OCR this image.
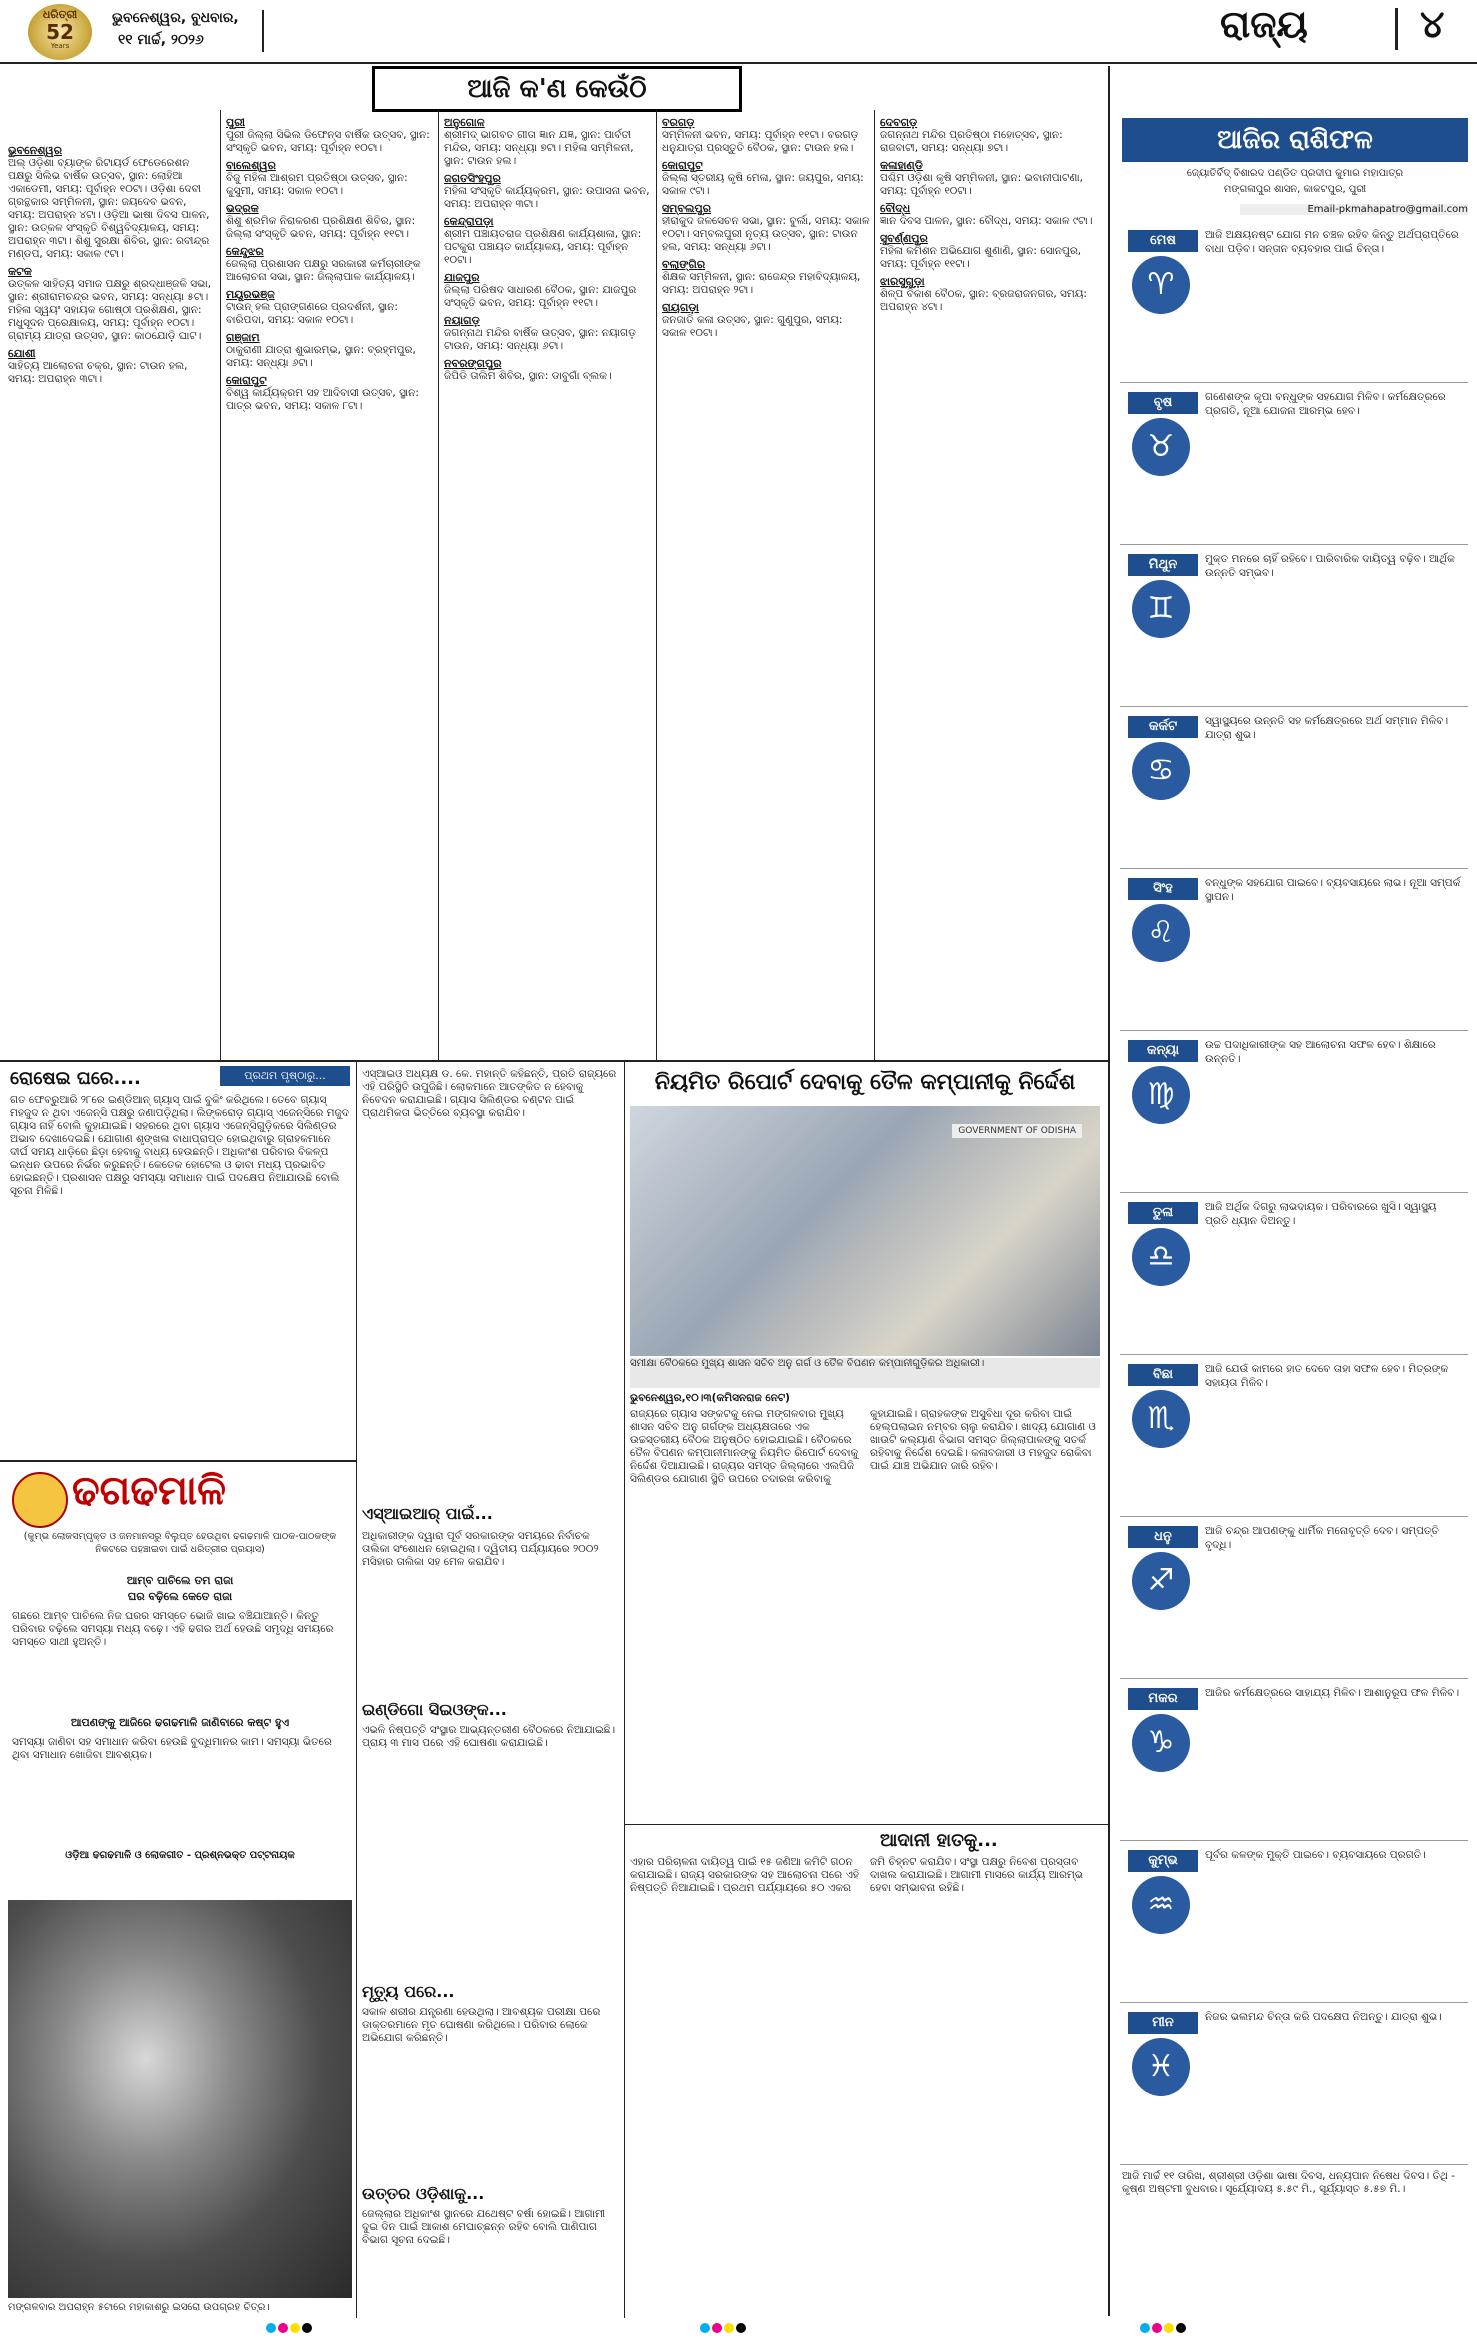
ଧରିତ୍ରୀ
52
Years
ଭୁବନେଶ୍ୱର, ବୁଧବାର,
୧୧ ମାର୍ଚ୍ଚ, ୨୦୨୬	ରାଜ୍ୟ	୪
ଆଜି କ'ଣ କେଉଁଠି
ଭୁବନେଶ୍ୱର
ଅଲ୍ ଓଡ଼ିଶା ବ୍ୟାଙ୍କ ରିଟାୟର୍ଡ ଫେଡେରେଶନ ପକ୍ଷରୁ ସିଲିଭ ବାର୍ଷିକ ଉତ୍ସବ, ସ୍ଥାନ: ଲୋହିଆ ଏକାଡେମୀ, ସମୟ: ପୂର୍ବାହ୍ନ ୧୦ଟା। ଓଡ଼ିଶା ଦେବୀ ଗ୍ରନ୍ଥକାର ସମ୍ମିଳନୀ, ସ୍ଥାନ: ଜୟଦେବ ଭବନ, ସମୟ: ଅପରାହ୍ନ ୪ଟା। ଓଡ଼ିଆ ଭାଷା ଦିବସ ପାଳନ, ସ୍ଥାନ: ଉତ୍କଳ ସଂସ୍କୃତି ବିଶ୍ୱବିଦ୍ୟାଳୟ, ସମୟ: ଅପରାହ୍ନ ୩ଟା। ଶିଶୁ ସୁରକ୍ଷା ଶିବିର, ସ୍ଥାନ: ରବୀନ୍ଦ୍ର ମଣ୍ଡପ, ସମୟ: ସକାଳ ୯ଟା।
କଟକ
ଉତ୍କଳ ସାହିତ୍ୟ ସମାଜ ପକ୍ଷରୁ ଶ୍ରଦ୍ଧାଞ୍ଜଳି ସଭା, ସ୍ଥାନ: ଶ୍ରୀରାମଚନ୍ଦ୍ର ଭବନ, ସମୟ: ସନ୍ଧ୍ୟା ୫ଟା। ମହିଳା ସ୍ୱୟଂ ସହାୟକ ଗୋଷ୍ଠୀ ପ୍ରଶିକ୍ଷଣ, ସ୍ଥାନ: ମଧୁସୂଦନ ପ୍ରେକ୍ଷାଳୟ, ସମୟ: ପୂର୍ବାହ୍ନ ୧୦ଟା। ଗ୍ରାମ୍ୟ ଯାତ୍ରା ଉତ୍ସବ, ସ୍ଥାନ: କାଠଯୋଡ଼ି ଘାଟ।
ଯୋଶୀ
ସାହିତ୍ୟ ଆଲୋଚନା ଚକ୍ର, ସ୍ଥାନ: ଟାଉନ ହଲ, ସମୟ: ଅପରାହ୍ନ ୩ଟା।
ପୁରୀ
ପୁରୀ ଜିଲ୍ଲା ସିଭିଲ ଡିଫେନ୍ସ ବାର୍ଷିକ ଉତ୍ସବ, ସ୍ଥାନ: ସଂସ୍କୃତି ଭବନ, ସମୟ: ପୂର୍ବାହ୍ନ ୧୦ଟା।
ବାଲେଶ୍ୱର
ବିଜୁ ମହିଳା ଆଶ୍ରମ ପ୍ରତିଷ୍ଠା ଉତ୍ସବ, ସ୍ଥାନ: କୁସୁମୀ, ସମୟ: ସକାଳ ୧୦ଟା।
ଭଦ୍ରକ
ଶିଶୁ ଶ୍ରମିକ ନିରାକରଣ ପ୍ରଶିକ୍ଷଣ ଶିବିର, ସ୍ଥାନ: ଜିଲ୍ଲା ସଂସ୍କୃତି ଭବନ, ସମୟ: ପୂର୍ବାହ୍ନ ୧୧ଟା।
କେନ୍ଦୁଝର
ଜେଲ୍ଲା ପ୍ରଶାସନ ପକ୍ଷରୁ ସରକାରୀ କର୍ମଚାରୀଙ୍କ ଆଲୋଚନା ସଭା, ସ୍ଥାନ: ଜିଲ୍ଲାପାଳ କାର୍ଯ୍ୟାଳୟ।
ମୟୂରଭଞ୍ଜ
ଟାଉନ୍ ହଲ ପ୍ରାଙ୍ଗଣରେ ପ୍ରଦର୍ଶନୀ, ସ୍ଥାନ: ବାରିପଦା, ସମୟ: ସକାଳ ୧୦ଟା।
ଗଞ୍ଜାମ
ଠାକୁରାଣୀ ଯାତ୍ରା ଶୁଭାରମ୍ଭ, ସ୍ଥାନ: ବ୍ରହ୍ମପୁର, ସମୟ: ସନ୍ଧ୍ୟା ୬ଟା।
କୋରାପୁଟ
ବିଶ୍ୱ କାର୍ଯ୍ୟକ୍ରମ ସହ ଆଦିବାସୀ ଉତ୍ସବ, ସ୍ଥାନ: ପାତ୍ର ଭବନ, ସମୟ: ସକାଳ ୮ଟା।
ଅନୁଗୋଳ
ଶ୍ରୀମଦ୍ ଭାଗବତ ଗୀତା ଜ୍ଞାନ ଯଜ୍ଞ, ସ୍ଥାନ: ପାର୍ବତୀ ମନ୍ଦିର, ସମୟ: ସନ୍ଧ୍ୟା ୭ଟା। ମହିଳା ସମ୍ମିଳନୀ, ସ୍ଥାନ: ଟାଉନ ହଲ।
ଜଗତସିଂହପୁର
ମହିଳା ସଂସ୍କୃତି କାର୍ଯ୍ୟକ୍ରମ, ସ୍ଥାନ: ଉପାସନା ଭବନ, ସମୟ: ଅପରାହ୍ନ ୩ଟା।
କେନ୍ଦ୍ରାପଡ଼ା
ଶ୍ରୀମ ପଞ୍ଚାୟତରାଜ ପ୍ରଶିକ୍ଷଣ କାର୍ଯ୍ୟଶାଳା, ସ୍ଥାନ: ପଟକୁରା ପଞ୍ଚାୟତ କାର୍ଯ୍ୟାଳୟ, ସମୟ: ପୂର୍ବାହ୍ନ ୧୦ଟା।
ଯାଜପୁର
ଜିଲ୍ଲା ପରିଷଦ ସାଧାରଣ ବୈଠକ, ସ୍ଥାନ: ଯାଜପୁର ସଂସ୍କୃତି ଭବନ, ସମୟ: ପୂର୍ବାହ୍ନ ୧୧ଟା।
ନୟାଗଡ଼
ଜଗନ୍ନାଥ ମନ୍ଦିର ବାର୍ଷିକ ଉତ୍ସବ, ସ୍ଥାନ: ନୟାଗଡ଼ ଟାଉନ, ସମୟ: ସନ୍ଧ୍ୟା ୬ଟା।
ନବରଙ୍ଗପୁର
ଜିପିଡି ତାଲିମ ଶିବିର, ସ୍ଥାନ: ଡାବୁଗାଁ ବ୍ଲକ।
ବରଗଡ଼
ସମ୍ମିଳନୀ ଭବନ, ସମୟ: ପୂର୍ବାହ୍ନ ୧୧ଟା। ବରଗଡ଼ ଧନୁଯାତ୍ରା ପ୍ରସ୍ତୁତି ବୈଠକ, ସ୍ଥାନ: ଟାଉନ ହଲ।
କୋରାପୁଟ
ଜିଲ୍ଲା ସ୍ତରୀୟ କୃଷି ମେଳା, ସ୍ଥାନ: ଜୟପୁର, ସମୟ: ସକାଳ ୯ଟା।
ସମ୍ବଲପୁର
ହୀରାକୁଦ ଜଳସେଚନ ସଭା, ସ୍ଥାନ: ବୁର୍ଲା, ସମୟ: ସକାଳ ୧୦ଟା। ସମ୍ବଲପୁରୀ ନୃତ୍ୟ ଉତ୍ସବ, ସ୍ଥାନ: ଟାଉନ ହଲ, ସମୟ: ସନ୍ଧ୍ୟା ୬ଟା।
ବଲାଙ୍ଗିର
ଶିକ୍ଷକ ସମ୍ମିଳନୀ, ସ୍ଥାନ: ରାଜେନ୍ଦ୍ର ମହାବିଦ୍ୟାଳୟ, ସମୟ: ଅପରାହ୍ନ ୨ଟା।
ରାୟଗଡ଼ା
ଜନଜାତି କଳା ଉତ୍ସବ, ସ୍ଥାନ: ଗୁଣୁପୁର, ସମୟ: ସକାଳ ୧୦ଟା।
ଦେବଗଡ଼
ଜଗନ୍ନାଥ ମନ୍ଦିର ପ୍ରତିଷ୍ଠା ମହୋତ୍ସବ, ସ୍ଥାନ: ରାଜବାଟୀ, ସମୟ: ସନ୍ଧ୍ୟା ୭ଟା।
କଳାହାଣ୍ଡି
ପଶ୍ଚିମ ଓଡ଼ିଶା କୃଷି ସମ୍ମିଳନୀ, ସ୍ଥାନ: ଭବାନୀପାଟଣା, ସମୟ: ପୂର୍ବାହ୍ନ ୧୦ଟା।
ବୌଦ୍ଧ
ଜ୍ଞାନ ଦିବସ ପାଳନ, ସ୍ଥାନ: ବୌଦ୍ଧ, ସମୟ: ସକାଳ ୯ଟା।
ସୁବର୍ଣ୍ଣପୁର
ମହିଳା କମିଶନ ଅଭିଯୋଗ ଶୁଣାଣି, ସ୍ଥାନ: ସୋନପୁର, ସମୟ: ପୂର୍ବାହ୍ନ ୧୧ଟା।
ଝାରସୁଗୁଡ଼ା
ଶିଳ୍ପ ବିକାଶ ବୈଠକ, ସ୍ଥାନ: ବ୍ରଜରାଜନଗର, ସମୟ: ଅପରାହ୍ନ ୪ଟା।
ଆଜିର ରାଶିଫଳ
ଜ୍ୟୋତିର୍ବିଦ୍ ବିଶାରଦ ପଣ୍ଡିତ ପ୍ରଦୀପ କୁମାର ମହାପାତ୍ର
ମଙ୍ଗଳାପୁର ଶାସନ, କାକଟପୁର, ପୁରୀ
Email-pkmahapatro@gmail.com
ମେଷ
♈
ଆଜି ଅକ୍ଷୟନଷ୍ଟ ଯୋଗ ମନ ଚଞ୍ଚଳ ରହିବ କିନ୍ତୁ ଅର୍ଥପ୍ରାପ୍ତିରେ ବାଧା ପଡ଼ିବ। ସନ୍ତାନ ବ୍ୟବହାର ପାଇଁ ଚିନ୍ତା।
ବୃଷ
♉
ଗଣେଶଙ୍କ କୃପା ବନ୍ଧୁଙ୍କ ସହଯୋଗ ମିଳିବ। କର୍ମକ୍ଷେତ୍ରରେ ପ୍ରଗତି, ନୂଆ ଯୋଜନା ଆରମ୍ଭ ହେବ।
ମିଥୁନ
♊
ମୁକ୍ତ ମନରେ ଚାହିଁ ରହିବେ। ପାରିବାରିକ ଦାୟିତ୍ୱ ବଢ଼ିବ। ଆର୍ଥିକ ଉନ୍ନତି ସମ୍ଭବ।
କର୍କଟ
♋
ସ୍ୱାସ୍ଥ୍ୟରେ ଉନ୍ନତି ସହ କର୍ମକ୍ଷେତ୍ରରେ ଅର୍ଥ ସମ୍ମାନ ମିଳିବ। ଯାତ୍ରା ଶୁଭ।
ସିଂହ
♌
ବନ୍ଧୁଙ୍କ ସହଯୋଗ ପାଇବେ। ବ୍ୟବସାୟରେ ଲାଭ। ନୂଆ ସମ୍ପର୍କ ସ୍ଥାପନ।
କନ୍ୟା
♍
ଉଚ୍ଚ ପଦାଧିକାରୀଙ୍କ ସହ ଆଲୋଚନା ସଫଳ ହେବ। ଶିକ୍ଷାରେ ଉନ୍ନତି।
ତୁଳା
♎
ଆଜି ଅର୍ଥିକ ଦିଗରୁ ଲାଭଦାୟକ। ପରିବାରରେ ଖୁସି। ସ୍ୱାସ୍ଥ୍ୟ ପ୍ରତି ଧ୍ୟାନ ଦିଅନ୍ତୁ।
ବିଛା
♏
ଆଜି ଯେଉଁ କାମରେ ହାତ ଦେବେ ତାହା ସଫଳ ହେବ। ମିତ୍ରଙ୍କ ସହାୟତା ମିଳିବ।
ଧନୁ
♐
ଆଜି ଚନ୍ଦ୍ର ଆପଣଙ୍କୁ ଧାର୍ମିକ ମନୋବୃତ୍ତି ଦେବ। ସମ୍ପତ୍ତି ବୃଦ୍ଧି।
ମକର
♑
ଆଜିର କର୍ମକ୍ଷେତ୍ରରେ ସାହାଯ୍ୟ ମିଳିବ। ଆଶାନୁରୂପ ଫଳ ମିଳିବ।
କୁମ୍ଭ
♒
ପୂର୍ବର କଳଙ୍କ ମୁକ୍ତି ପାଇବେ। ବ୍ୟବସାୟରେ ପ୍ରଗତି।
ମୀନ
♓
ନିଜର ଭଲମନ୍ଦ ଚିନ୍ତା କରି ପଦକ୍ଷେପ ନିଅନ୍ତୁ। ଯାତ୍ରା ଶୁଭ।
ଆଜି ମାର୍ଚ୍ଚ ୧୧ ତାରିଖ, ଶ୍ରୀଶ୍ରୀ ଓଡ଼ିଶା ଭାଷା ଦିବସ, ଧନ୍ୟପାନ ନିଷେଧ ଦିବସ। ତିଥି - କୃଷ୍ଣ ଅଷ୍ଟମୀ ବୁଧବାର। ସୂର୍ଯ୍ୟୋଦୟ ୫.୫୯ ମି., ସୂର୍ଯ୍ୟାସ୍ତ ୫.୫୭ ମି.।
ରୋଷେଇ ଘରେ....	ପ୍ରଥମ ପୃଷ୍ଠାରୁ...
ଗତ ଫେବ୍ରୁଆରି ୨୮ରେ ଇଣ୍ଡିଆନ୍ ଗ୍ୟାସ୍ ପାଇଁ ବୁକିଂ କରିଥିଲେ। ତେବେ ଗ୍ୟାସ୍ ମହଜୁଦ ନ ଥିବା ଏଜେନ୍ସି ପକ୍ଷରୁ ଜଣାପଡ଼ିଥିଲା। ଲିଙ୍କରୋଡ଼ ଗ୍ୟାସ୍ ଏଜେନ୍ସିରେ ମଜୁଦ ଗ୍ୟାସ ନାହିଁ ବୋଲି କୁହାଯାଇଛି। ସହରରେ ଥିବା ଗ୍ୟାସ ଏଜେନ୍ସିଗୁଡ଼ିକରେ ସିଲିଣ୍ଡର ଅଭାବ ଦେଖାଦେଇଛି। ଯୋଗାଣ ଶୃଙ୍ଖଳା ବାଧାପ୍ରାପ୍ତ ହୋଇଥିବାରୁ ଗ୍ରାହକମାନେ ଦୀର୍ଘ ସମୟ ଧାଡ଼ିରେ ଛିଡ଼ା ହେବାକୁ ବାଧ୍ୟ ହେଉଛନ୍ତି। ଅଧିକାଂଶ ପରିବାର ବିକଳ୍ପ ଇନ୍ଧନ ଉପରେ ନିର୍ଭର କରୁଛନ୍ତି। କେତେକ ହୋଟେଲ ଓ ଢାବା ମଧ୍ୟ ପ୍ରଭାବିତ ହୋଇଛନ୍ତି। ପ୍ରଶାସନ ପକ୍ଷରୁ ସମସ୍ୟା ସମାଧାନ ପାଇଁ ପଦକ୍ଷେପ ନିଆଯାଉଛି ବୋଲି ସୂଚନା ମିଳିଛି।
ଢଗଢମାଳି
(କୁମ୍ଭ ଲୋକସମ୍ପୃକ୍ତ ଓ ଜନମାନସରୁ ବିଲୁପ୍ତ ହେଉଥିବା ଢଗଢମାଳି ପାଠକ-ପାଠକଙ୍କ ନିକଟରେ ପହଞ୍ଚାଇବା ପାଇଁ ଧରିତ୍ରୀର ପ୍ରୟାସ)
ଆମ୍ବ ପାଚିଲେ ତମ ରାଜା
ଘର ବଢ଼ିଲେ କେତେ ରାଜା
ଗଛରେ ଆମ୍ବ ପାଚିଲେ ନିଜ ଘରର ସମସ୍ତେ ଭୋଜି ଖାଇ ବଞ୍ଚିଯାଆନ୍ତି। କିନ୍ତୁ ପରିବାର ବଢ଼ିଲେ ସମସ୍ୟା ମଧ୍ୟ ବଢ଼େ। ଏହି ଢଗର ଅର୍ଥ ହେଉଛି ସମୃଦ୍ଧି ସମୟରେ ସମସ୍ତେ ସାଥୀ ହୁଅନ୍ତି।
ଆପଣଙ୍କୁ ଆଜିରେ ଢଗଢମାଳି ଜାଣିବାରେ କଷ୍ଟ ହୁଏ
ସମସ୍ୟା ଜାଣିବା ସହ ସମାଧାନ କରିବା ହେଉଛି ବୁଦ୍ଧିମାନର କାମ। ସମସ୍ୟା ଭିତରେ ଥିବା ସମାଧାନ ଖୋଜିବା ଆବଶ୍ୟକ।
ଓଡ଼ିଆ ଢଗଢମାଳି ଓ ଲୋକଗୀତ - ପ୍ରଶ୍ନଭକ୍ତ ପଟ୍ଟନାୟକ
ମଙ୍ଗଳବାର ଅପରାହ୍ନ ୫ଟାରେ ମହାକାଶରୁ ଇସରୋ ଉପଗ୍ରହ ଚିତ୍ର।
ଏସ୍‌ଆଇଓ ଅଧ୍ୟକ୍ଷ ଡ. କେ. ମହାନ୍ତି କହିଛନ୍ତି, ପ୍ରତି ରାଜ୍ୟରେ ଏହି ପରିସ୍ଥିତି ଉପୁଜିଛି। ଲୋକମାନେ ଆତଙ୍କିତ ନ ହେବାକୁ ନିବେଦନ କରାଯାଇଛି। ଗ୍ୟାସ ସିଲିଣ୍ଡର ବଣ୍ଟନ ପାଇଁ ପ୍ରାଥମିକତା ଭିତ୍ତିରେ ବ୍ୟବସ୍ଥା କରାଯିବ।
ଏସ୍‌ଆଇଆର୍ ପାଇଁ...
ଅଧିକାରୀଙ୍କ ଦ୍ୱାରା ପୂର୍ବ ସରକାରଙ୍କ ସମୟରେ ନିର୍ବାଚକ ତାଲିକା ସଂଶୋଧନ ହୋଇଥିଲା। ଦ୍ୱିତୀୟ ପର୍ଯ୍ୟାୟରେ ୨୦୦୨ ମସିହାର ତାଲିକା ସହ ମେଳ କରାଯିବ।
ଇଣ୍ଡିଗୋ ସିଇଓଙ୍କ...
ଏଭଳି ନିଷ୍ପତ୍ତି ସଂସ୍ଥାର ଆଭ୍ୟନ୍ତରୀଣ ବୈଠକରେ ନିଆଯାଇଛି। ପ୍ରାୟ ୩ ମାସ ପରେ ଏହି ଘୋଷଣା କରାଯାଇଛି।
ମୃତ୍ୟୁ ପରେ...
ସକାଳ ଶରୀର ଯନ୍ତ୍ରଣା ହେଉଥିଲା। ଆବଶ୍ୟକ ପରୀକ୍ଷା ପରେ ଡାକ୍ତରମାନେ ମୃତ ଘୋଷଣା କରିଥିଲେ। ପରିବାର ଲୋକେ ଅଭିଯୋଗ କରିଛନ୍ତି।
ଉତ୍ତର ଓଡ଼ିଶାକୁ...
ଜେଲ୍ଲାର ଅଧିକାଂଶ ସ୍ଥାନରେ ଯଥେଷ୍ଟ ବର୍ଷା ହୋଇଛି। ଆଗାମୀ ଦୁଇ ଦିନ ପାଇଁ ଆକାଶ ମେଘାଚ୍ଛନ୍ନ ରହିବ ବୋଲି ପାଣିପାଗ ବିଭାଗ ସୂଚନା ଦେଇଛି।
ନିୟମିତ ରିପୋର୍ଟ ଦେବାକୁ ତୈଳ କମ୍ପାନୀକୁ ନିର୍ଦ୍ଦେଶ
GOVERNMENT OF ODISHA
ସମୀକ୍ଷା ବୈଠକରେ ମୁଖ୍ୟ ଶାସନ ସଚିବ ଅନୁ ଗର୍ଗ ଓ ତୈଳ ବିପଣନ କମ୍ପାନୀଗୁଡ଼ିକର ଅଧିକାରୀ।
ଭୁବନେଶ୍ୱର,୧୦।୩(କମିସନରାଜ ନେଟ)
ରାଜ୍ୟରେ ଗ୍ୟାସ ସଙ୍କଟକୁ ନେଇ ମଙ୍ଗଳବାର ମୁଖ୍ୟ ଶାସନ ସଚିବ ଅନୁ ଗର୍ଗଙ୍କ ଅଧ୍ୟକ୍ଷତାରେ ଏକ ଉଚ୍ଚସ୍ତରୀୟ ବୈଠକ ଅନୁଷ୍ଠିତ ହୋଇଯାଇଛି। ବୈଠକରେ ତୈଳ ବିପଣନ କମ୍ପାନୀମାନଙ୍କୁ ନିୟମିତ ରିପୋର୍ଟ ଦେବାକୁ ନିର୍ଦ୍ଦେଶ ଦିଆଯାଇଛି। ରାଜ୍ୟର ସମସ୍ତ ଜିଲ୍ଲାରେ ଏଲପିଜି ସିଲିଣ୍ଡର ଯୋଗାଣ ସ୍ଥିତି ଉପରେ ତଦାରଖ କରିବାକୁ କୁହାଯାଇଛି। ଗ୍ରାହକଙ୍କ ଅସୁବିଧା ଦୂର କରିବା ପାଇଁ ହେଲ୍ପଲାଇନ ନମ୍ବର ଚାଲୁ କରାଯିବ। ଖାଦ୍ୟ ଯୋଗାଣ ଓ ଖାଉଟି କଲ୍ୟାଣ ବିଭାଗ ସମସ୍ତ ଜିଲ୍ଲାପାଳଙ୍କୁ ସତର୍କ ରହିବାକୁ ନିର୍ଦ୍ଦେଶ ଦେଇଛି। କଳାବଜାରୀ ଓ ମହଜୁଦ ରୋକିବା ପାଇଁ ଯାଞ୍ଚ ଅଭିଯାନ ଜାରି ରହିବ।
ଆଦାନୀ ହାତକୁ...
ଏହାର ପରିଚାଳନା ଦାୟିତ୍ୱ ପାଇଁ ୧୫ ଜଣିଆ କମିଟି ଗଠନ କରାଯାଇଛି। ରାଜ୍ୟ ସରକାରଙ୍କ ସହ ଆଲୋଚନା ପରେ ଏହି ନିଷ୍ପତ୍ତି ନିଆଯାଇଛି। ପ୍ରଥମ ପର୍ଯ୍ୟାୟରେ ୫୦ ଏକର ଜମି ଚିହ୍ନଟ କରାଯିବ। ସଂସ୍ଥା ପକ୍ଷରୁ ନିବେଶ ପ୍ରସ୍ତାବ ଦାଖଲ କରାଯାଇଛି। ଆଗାମୀ ମାସରେ କାର୍ଯ୍ୟ ଆରମ୍ଭ ହେବା ସମ୍ଭାବନା ରହିଛି।
